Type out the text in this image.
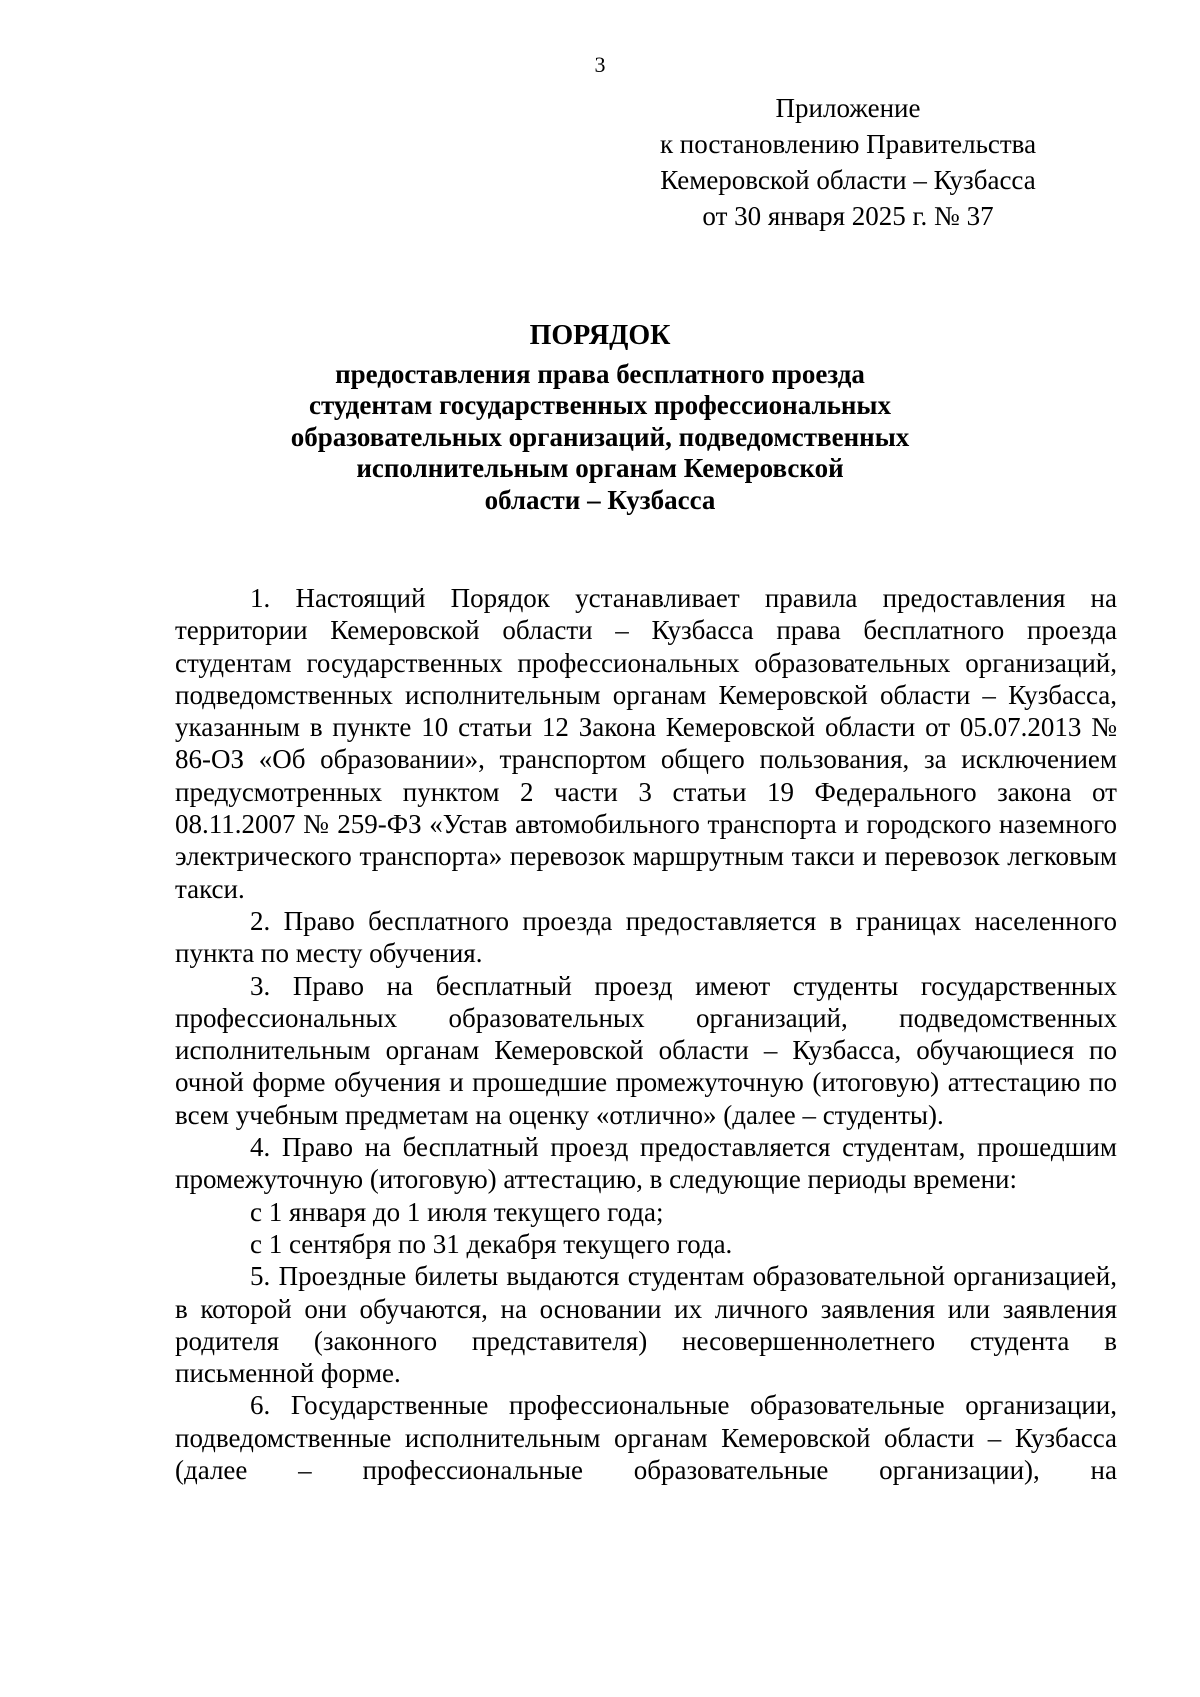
3
Приложение
к постановлению Правительства
Кемеровской области – Кузбасса
от 30 января 2025 г. № 37
ПОРЯДОК
предоставления права бесплатного проезда
студентам государственных профессиональных
образовательных организаций, подведомственных
исполнительным органам Кемеровской
области – Кузбасса

1. Настоящий Порядок устанавливает правила предоставления на территории Кемеровской области – Кузбасса права бесплатного проезда студентам государственных профессиональных образовательных организаций, подведомственных исполнительным органам Кемеровской области – Кузбасса, указанным в пункте 10 статьи 12 Закона Кемеровской области от 05.07.2013 № 86-ОЗ «Об образовании», транспортом общего пользования, за исключением предусмотренных пунктом 2 части 3 статьи 19 Федерального закона от 08.11.2007 № 259-ФЗ «Устав автомобильного транспорта и городского наземного электрического транспорта» перевозок маршрутным такси и перевозок легковым такси.

2. Право бесплатного проезда предоставляется в границах населенного пункта по месту обучения.

3. Право на бесплатный проезд имеют студенты государственных профессиональных образовательных организаций, подведомственных исполнительным органам Кемеровской области – Кузбасса, обучающиеся по очной форме обучения и прошедшие промежуточную (итоговую) аттестацию по всем учебным предметам на оценку «отлично» (далее – студенты).

4. Право на бесплатный проезд предоставляется студентам, прошедшим промежуточную (итоговую) аттестацию, в следующие периоды времени:

с 1 января до 1 июля текущего года;

с 1 сентября по 31 декабря текущего года.

5. Проездные билеты выдаются студентам образовательной организацией, в которой они обучаются, на основании их личного заявления или заявления родителя (законного представителя) несовершеннолетнего студента в письменной форме.

6. Государственные профессиональные образовательные организации, подведомственные исполнительным органам Кемеровской области – Кузбасса (далее – профессиональные образовательные организации), на
